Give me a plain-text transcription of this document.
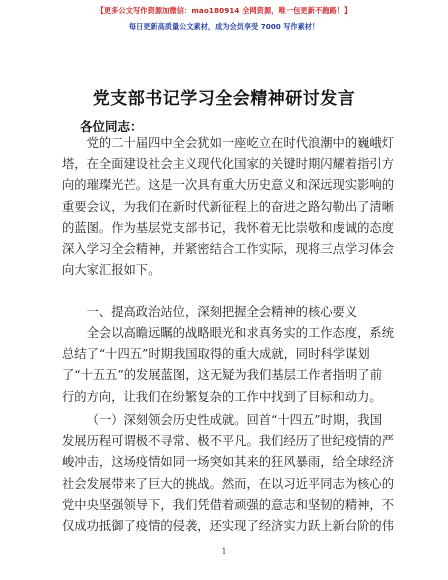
【更多公文写作资源加微信：mao180914 全网资源，唯一包更新不跑路！】
每日更新高质量公文素材，成为会员享受 7000 写作素材！
党支部书记学习全会精神研讨发言
各位同志：
党的二十届四中全会犹如一座屹立在时代浪潮中的巍峨灯
塔，在全面建设社会主义现代化国家的关键时期闪耀着指引方
向的璀璨光芒。这是一次具有重大历史意义和深远现实影响的
重要会议，为我们在新时代新征程上的奋进之路勾勒出了清晰
的蓝图。作为基层党支部书记，我怀着无比崇敬和虔诚的态度
深入学习全会精神，并紧密结合工作实际，现将三点学习体会
向大家汇报如下。
一、提高政治站位，深刻把握全会精神的核心要义
全会以高瞻远瞩的战略眼光和求真务实的工作态度，系统
总结了“十四五”时期我国取得的重大成就，同时科学谋划
了“十五五”的发展蓝图，这无疑为我们基层工作者指明了前
行的方向，让我们在纷繁复杂的工作中找到了目标和动力。
（一）深刻领会历史性成就。回首“十四五”时期，我国
发展历程可谓极不寻常、极不平凡。我们经历了世纪疫情的严
峻冲击，这场疫情如同一场突如其来的狂风暴雨，给全球经济
社会发展带来了巨大的挑战。然而，在以习近平同志为核心的
党中央坚强领导下，我们凭借着顽强的意志和坚韧的精神，不
仅成功抵御了疫情的侵袭，还实现了经济实力跃上新台阶的伟
1
